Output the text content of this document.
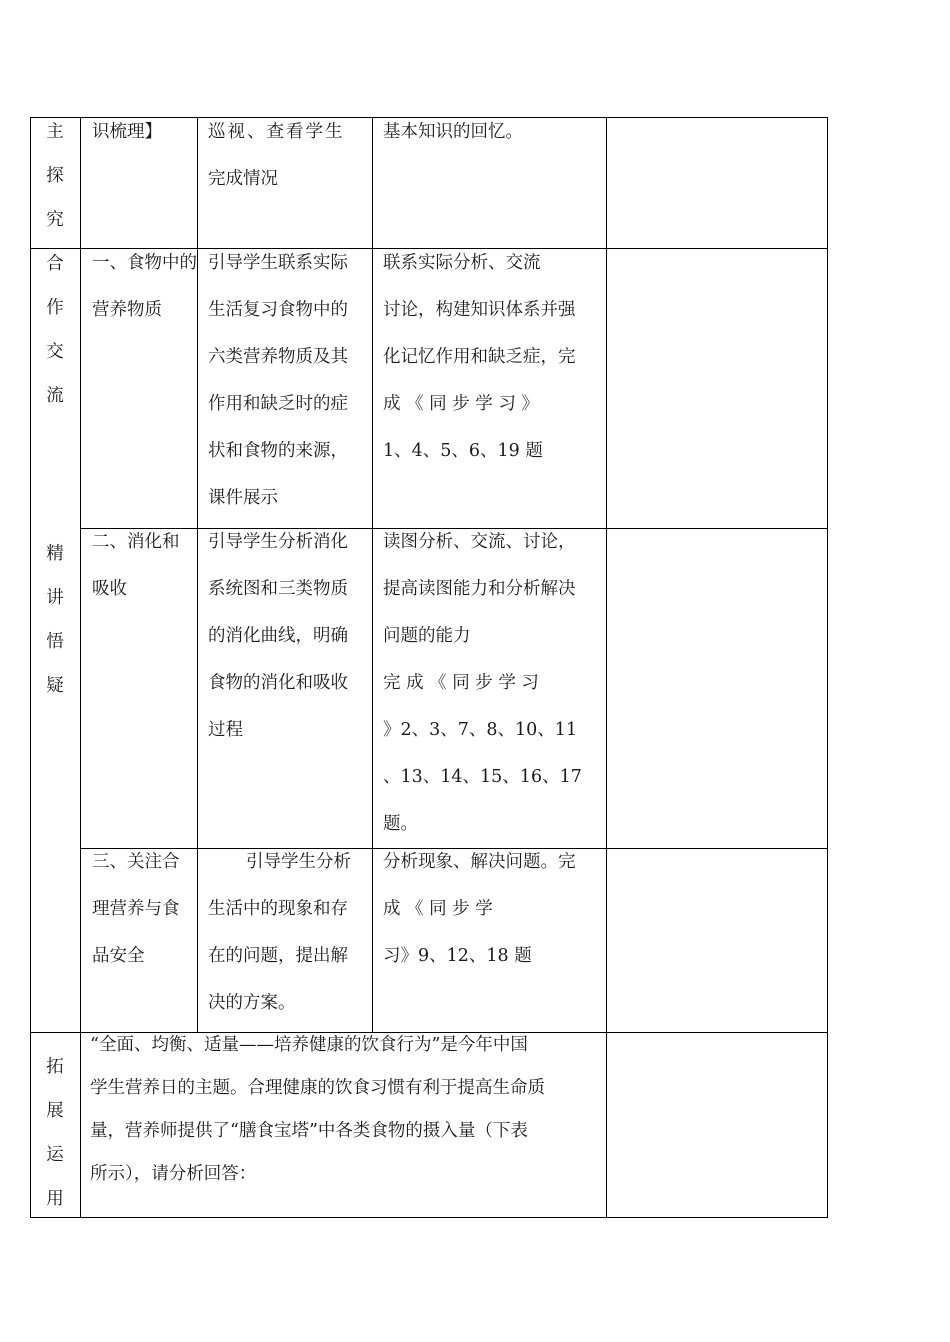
主
探
究
合
作
交
流
精
讲
悟
疑
拓
展
运
用
识梳理】	巡视、查看学生
完成情况
基本知识的回忆。
一、食物中的
营养物质
引导学生联系实际
生活复习食物中的
六类营养物质及其
作用和缺乏时的症
状和食物的来源，
课件展示
联系实际分析、交流
讨论，构建知识体系并强
化记忆作用和缺乏症，完
成 《 同 步 学 习 》
1、4、5、6、19 题
二、消化和
吸收
引导学生分析消化
系统图和三类物质
的消化曲线，明确
食物的消化和吸收
过程
读图分析、交流、讨论，
提高读图能力和分析解决
问题的能力
完 成 《 同 步 学 习
》2、3、7、8、10、11
、13、14、15、16、17
题。
三、关注合
理营养与食
品安全
引导学生分析
生活中的现象和存
在的问题，提出解
决的方案。
分析现象、解决问题。完
成 《 同 步 学
习》9、12、18 题
“全面、均衡、适量——培养健康的饮食行为”是今年中国
学生营养日的主题。合理健康的饮食习惯有利于提高生命质
量，营养师提供了“膳食宝塔”中各类食物的摄入量（下表
所示），请分析回答：
